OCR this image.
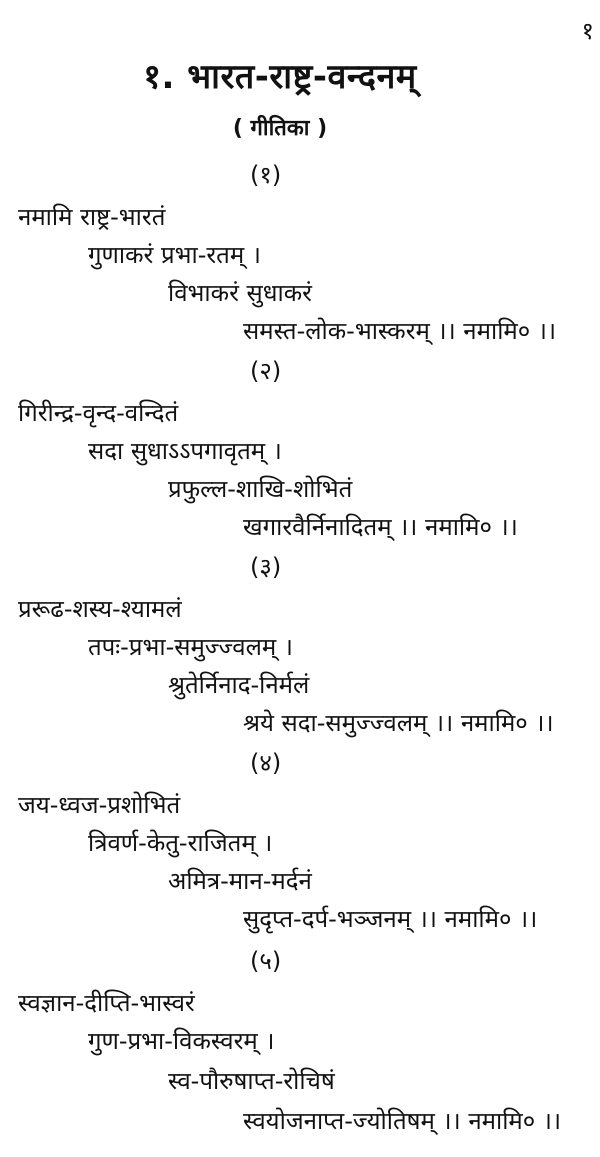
१
१. भारत-राष्ट्र-वन्दनम्
( गीतिका )
(१)
नमामि राष्ट्र-भारतं
गुणाकरं प्रभा-रतम् ।
विभाकरं सुधाकरं
समस्त-लोक-भास्करम् ।। नमामि० ।।
(२)
गिरीन्द्र-वृन्द-वन्दितं
सदा सुधाऽऽपगावृतम् ।
प्रफुल्ल-शाखि-शोभितं
खगारवैर्निनादितम् ।। नमामि० ।।
(३)
प्ररूढ-शस्य-श्यामलं
तपः-प्रभा-समुज्ज्वलम् ।
श्रुतेर्निनाद-निर्मलं
श्रये सदा-समुज्ज्वलम् ।। नमामि० ।।
(४)
जय-ध्वज-प्रशोभितं
त्रिवर्ण-केतु-राजितम् ।
अमित्र-मान-मर्दनं
सुदृप्त-दर्प-भञ्जनम् ।। नमामि० ।।
(५)
स्वज्ञान-दीप्ति-भास्वरं
गुण-प्रभा-विकस्वरम् ।
स्व-पौरुषाप्त-रोचिषं
स्वयोजनाप्त-ज्योतिषम् ।। नमामि० ।।
